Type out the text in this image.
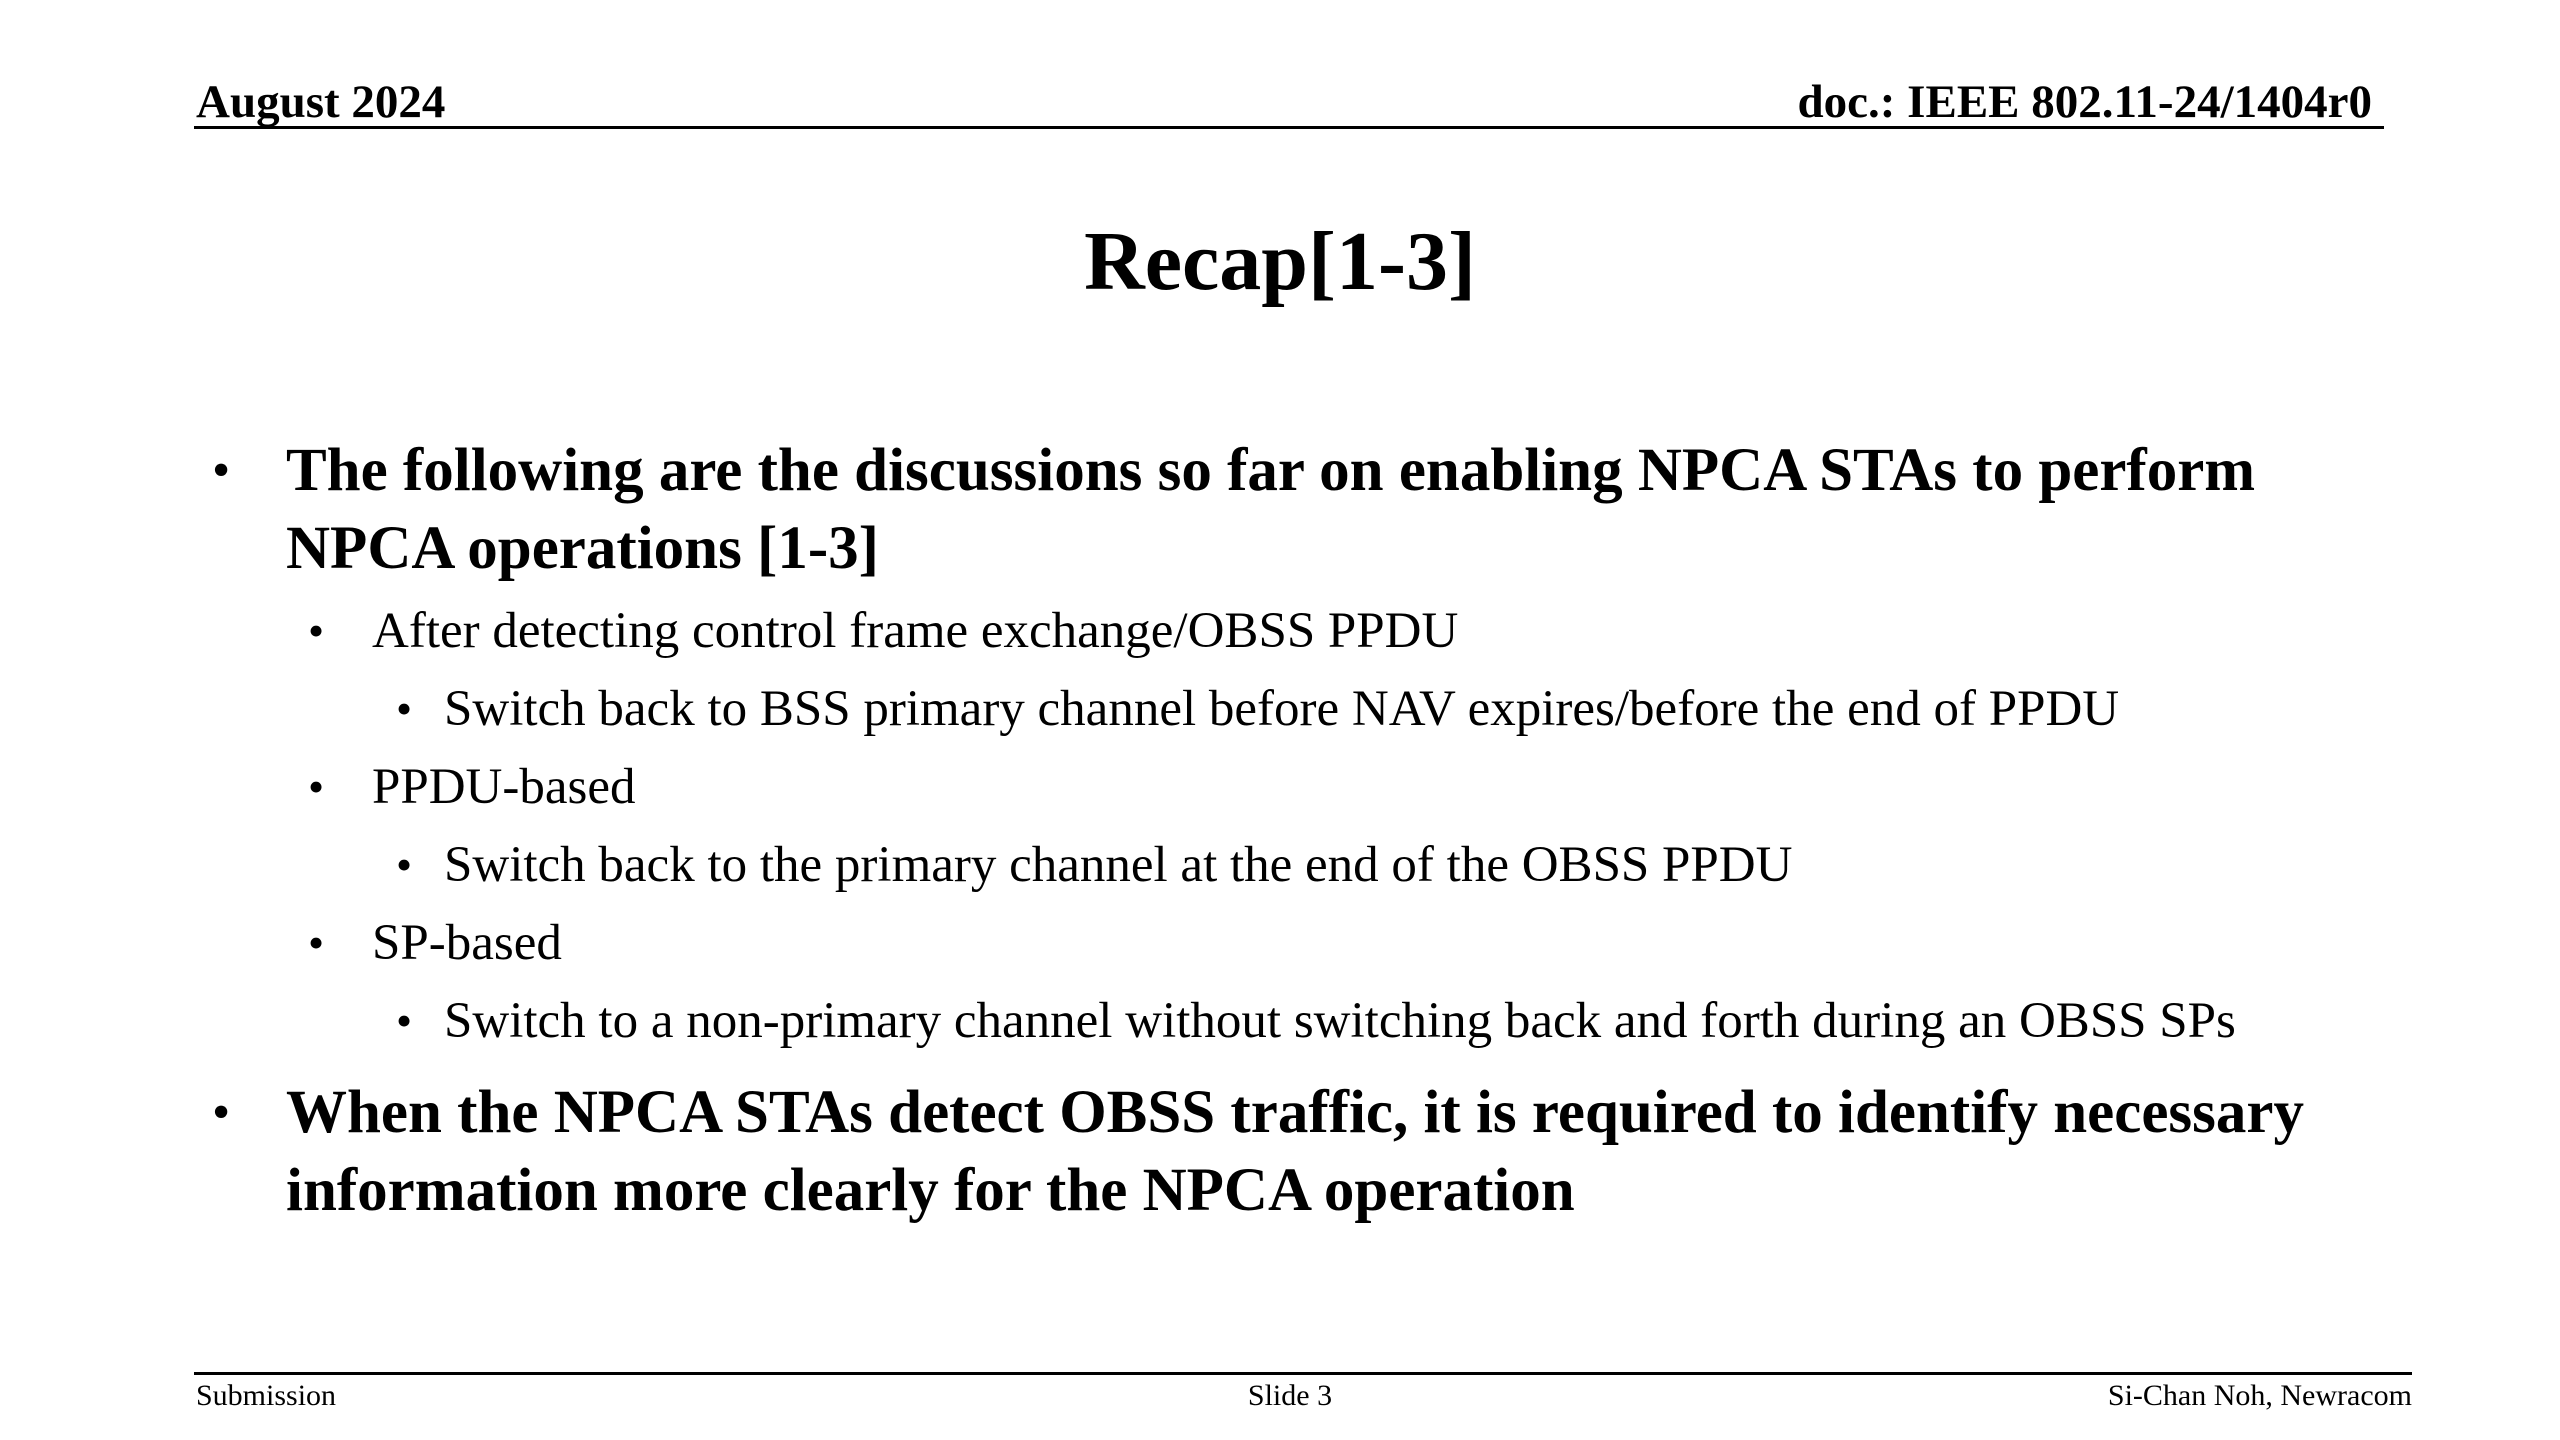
August 2024	doc.: IEEE 802.11-24/1404r0
Recap[1-3]
• The following are the discussions so far on enabling NPCA STAs to perform NPCA operations [1-3]
• After detecting control frame exchange/OBSS PPDU
• Switch back to BSS primary channel before NAV expires/before the end of PPDU
• PPDU-based
• Switch back to the primary channel at the end of the OBSS PPDU
• SP-based
• Switch to a non-primary channel without switching back and forth during an OBSS SPs
• When the NPCA STAs detect OBSS traffic, it is required to identify necessary information more clearly for the NPCA operation
Submission	Slide 3	Si-Chan Noh, Newracom
